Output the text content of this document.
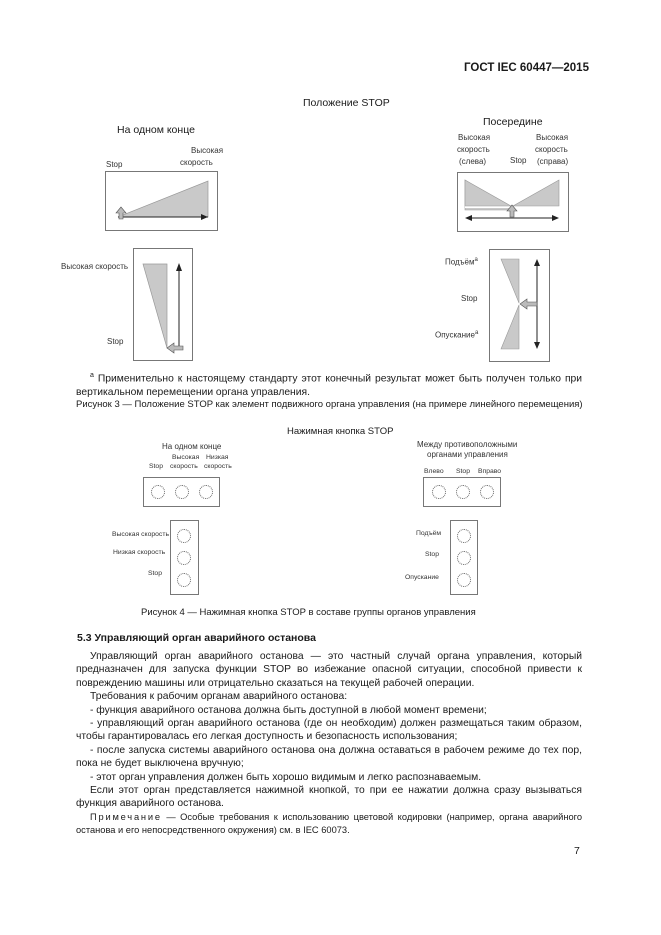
ГОСТ IEC 60447—2015
Положение STOP
На одном конце
Посередине
Stop
Высокая
скорость
Высокая скорость
Stop
Высокая
скорость
(слева)	Stop
Высокая
скорость
(справа)
Подъём$^a$
Stop
Опускание$^a$
$^a$ Применительно к настоящему стандарту этот конечный результат может быть получен только при вертикальном перемещении органа управления.
Рисунок 3 — Положение STOP как элемент подвижного органа управления (на примере линейного перемещения)
Нажимная кнопка STOP
На одном конце	Между противоположными
органами управления
Stop
Высокая
скорость
Низкая
скорость
Влево Stop Вправо
Высокая скорость
Низкая скорость
Stop
Подъём
Stop
Опускание
Рисунок 4 — Нажимная кнопка STOP в составе группы органов управления
5.3 Управляющий орган аварийного останова
Управляющий орган аварийного останова — это частный случай органа управления, который предназначен для запуска функции STOP во избежание опасной ситуации, способной привести к повреждению машины или отрицательно сказаться на текущей рабочей операции.
Требования к рабочим органам аварийного останова:
- функция аварийного останова должна быть доступной в любой момент времени;
- управляющий орган аварийного останова (где он необходим) должен размещаться таким образом, чтобы гарантировалась его легкая доступность и безопасность использования;
- после запуска системы аварийного останова она должна оставаться в рабочем режиме до тех пор, пока не будет выключена вручную;
- этот орган управления должен быть хорошо видимым и легко распознаваемым.
Если этот орган представляется нажимной кнопкой, то при ее нажатии должна сразу вызываться функция аварийного останова.
Примечание — Особые требования к использованию цветовой кодировки (например, органа аварийного останова и его непосредственного окружения) см. в IEC 60073.
7
